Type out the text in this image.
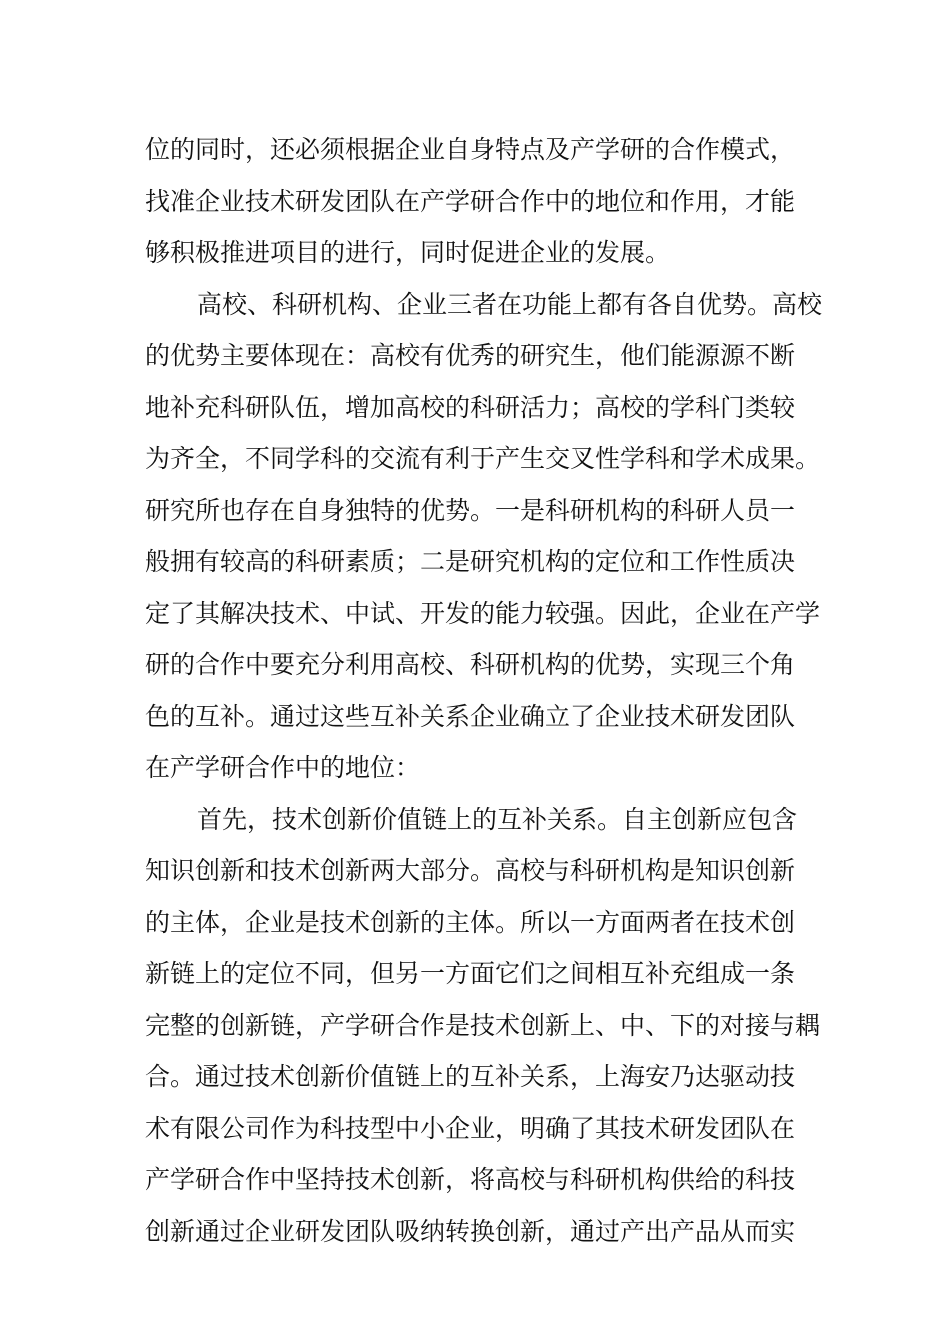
位的同时，还必须根据企业自身特点及产学研的合作模式，
找准企业技术研发团队在产学研合作中的地位和作用，才能
够积极推进项目的进行，同时促进企业的发展。
高校、科研机构、企业三者在功能上都有各自优势。高校
的优势主要体现在：高校有优秀的研究生，他们能源源不断
地补充科研队伍，增加高校的科研活力；高校的学科门类较
为齐全，不同学科的交流有利于产生交叉性学科和学术成果。
研究所也存在自身独特的优势。一是科研机构的科研人员一
般拥有较高的科研素质；二是研究机构的定位和工作性质决
定了其解决技术、中试、开发的能力较强。因此，企业在产学
研的合作中要充分利用高校、科研机构的优势，实现三个角
色的互补。通过这些互补关系企业确立了企业技术研发团队
在产学研合作中的地位：
首先，技术创新价值链上的互补关系。自主创新应包含
知识创新和技术创新两大部分。高校与科研机构是知识创新
的主体，企业是技术创新的主体。所以一方面两者在技术创
新链上的定位不同，但另一方面它们之间相互补充组成一条
完整的创新链，产学研合作是技术创新上、中、下的对接与耦
合。通过技术创新价值链上的互补关系，上海安乃达驱动技
术有限公司作为科技型中小企业，明确了其技术研发团队在
产学研合作中坚持技术创新，将高校与科研机构供给的科技
创新通过企业研发团队吸纳转换创新，通过产出产品从而实
